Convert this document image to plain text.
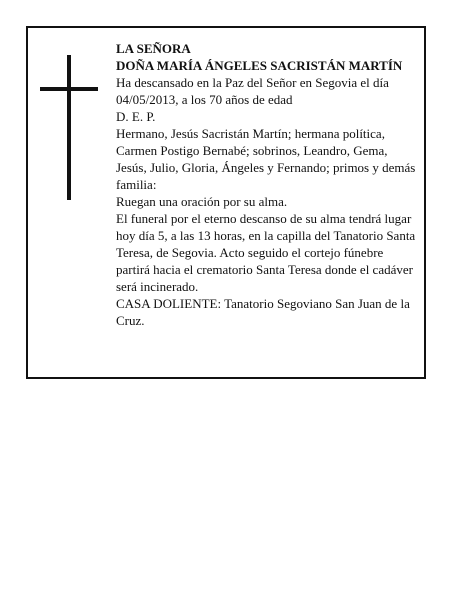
LA SEÑORA

DOÑA MARÍA ÁNGELES SACRISTÁN MARTÍN

Ha descansado en la Paz del Señor en Segovia el día 04/05/2013, a los 70 años de edad

D. E. P.

Hermano, Jesús Sacristán Martín; hermana política, Carmen Postigo Bernabé; sobrinos, Leandro, Gema, Jesús, Julio, Gloria, Ángeles y Fernando; primos y demás familia:

Ruegan una oración por su alma.

El funeral por el eterno descanso de su alma tendrá lugar hoy día 5, a las 13 horas, en la capilla del Tanatorio Santa Teresa, de Segovia. Acto seguido el cortejo fúnebre partirá hacia el crematorio Santa Teresa donde el cadáver será incinerado.

CASA DOLIENTE: Tanatorio Segoviano San Juan de la Cruz.
